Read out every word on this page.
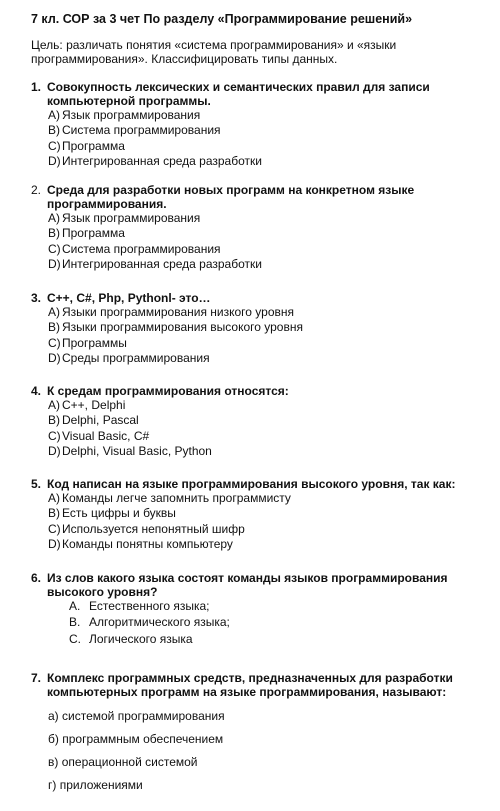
7 кл. СОР за 3 чет По разделу «Программирование решений»
Цель: различать понятия «система программирования» и «языки программирования». Классифицировать типы данных.
1. Совокупность лексических и семантических правил для записи компьютерной программы.
A) Язык программирования
B) Система программирования
C) Программа
D) Интегрированная среда разработки
2. Среда для разработки новых программ на конкретном языке программирования.
A) Язык программирования
B) Программа
C) Система программирования
D) Интегрированная среда разработки
3. C++, C#, Php, Pythonl- это…
A) Языки программирования низкого уровня
B) Языки программирования высокого уровня
C) Программы
D) Среды программирования
4. К средам программирования относятся:
A) C++, Delphi
B) Delphi, Pascal
C) Visual Basic, C#
D) Delphi, Visual Basic, Python
5. Код написан на языке программирования высокого уровня, так как:
A) Команды легче запомнить программисту
B) Есть цифры и буквы
C) Используется непонятный шифр
D) Команды понятны компьютеру
6. Из слов какого языка состоят команды языков программирования высокого уровня?
A. Естественного языка;
B. Алгоритмического языка;
C. Логического языка
7. Комплекс программных средств, предназначенных для разработки компьютерных программ на языке программирования, называют:
а)
системой программирования
б)
программным обеспечением
в)
операционной системой
г)
приложениями
